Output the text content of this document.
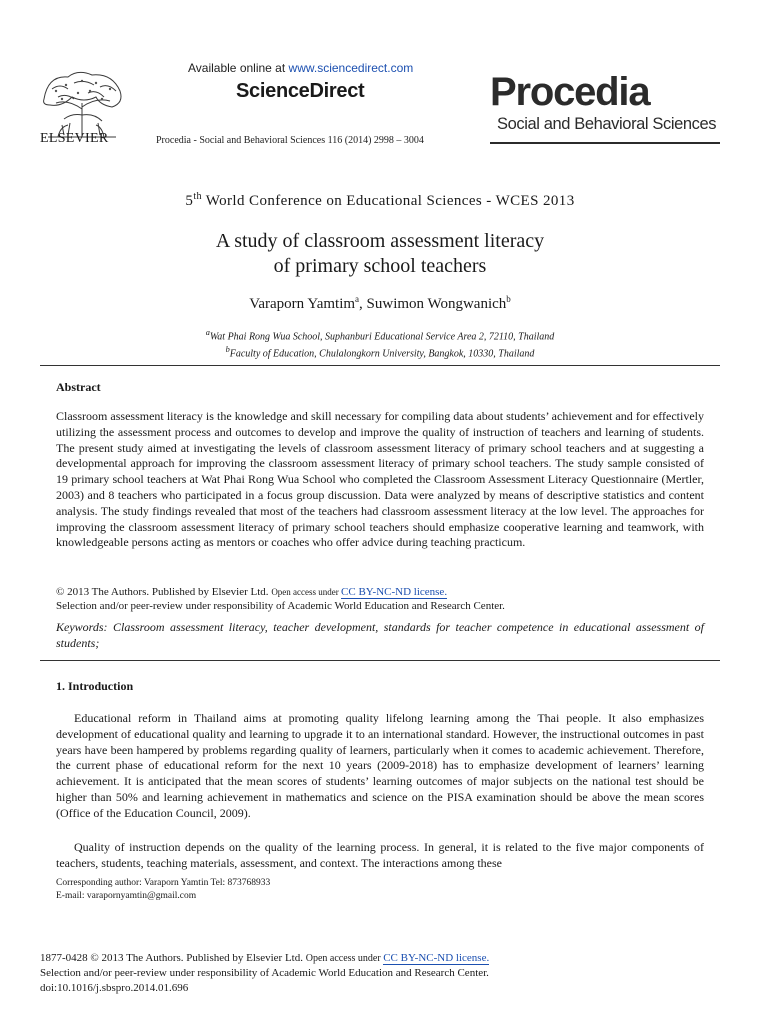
ELSEVIER
Available online at www.sciencedirect.com
ScienceDirect
Procedia - Social and Behavioral Sciences 116 (2014) 2998 – 3004
Procedia
Social and Behavioral Sciences
5th World Conference on Educational Sciences - WCES 2013
A study of classroom assessment literacy
of primary school teachers
Varaporn Yamtim$^a$, Suwimon Wongwanich$^b$
$^a$Wat Phai Rong Wua School, Suphanburi Educational Service Area 2, 72110, Thailand
$^b$Faculty of Education, Chulalongkorn University, Bangkok, 10330, Thailand
Abstract
Classroom assessment literacy is the knowledge and skill necessary for compiling data about students’ achievement and for effectively utilizing the assessment process and outcomes to develop and improve the quality of instruction of teachers and learning of students. The present study aimed at investigating the levels of classroom assessment literacy of primary school teachers and at suggesting a developmental approach for improving the classroom assessment literacy of primary school teachers. The study sample consisted of 19 primary school teachers at Wat Phai Rong Wua School who completed the Classroom Assessment Literacy Questionnaire (Mertler, 2003) and 8 teachers who participated in a focus group discussion. Data were analyzed by means of descriptive statistics and content analysis. The study findings revealed that most of the teachers had classroom assessment literacy at the low level. The approaches for improving the classroom assessment literacy of primary school teachers should emphasize cooperative learning and teamwork, with knowledgeable persons acting as mentors or coaches who offer advice during teaching practicum.
© 2013 The Authors. Published by Elsevier Ltd. Open access under CC BY-NC-ND license.
Selection and/or peer-review under responsibility of Academic World Education and Research Center.
Keywords: Classroom assessment literacy, teacher development, standards for teacher competence in educational assessment of students;
1. Introduction
Educational reform in Thailand aims at promoting quality lifelong learning among the Thai people. It also emphasizes development of educational quality and learning to upgrade it to an international standard. However, the instructional outcomes in past years have been hampered by problems regarding quality of learners, particularly when it comes to academic achievement. Therefore, the current phase of educational reform for the next 10 years (2009-2018) has to emphasize development of learners’ learning achievement. It is anticipated that the mean scores of students’ learning outcomes of major subjects on the national test should be higher than 50% and learning achievement in mathematics and science on the PISA examination should be above the mean scores (Office of the Education Council, 2009).
Quality of instruction depends on the quality of the learning process. In general, it is related to the five major components of teachers, students, teaching materials, assessment, and context. The interactions among these
Corresponding author: Varaporn Yamtin Tel: 873768933
E-mail: varapornyamtin@gmail.com
1877-0428 © 2013 The Authors. Published by Elsevier Ltd. Open access under CC BY-NC-ND license.
Selection and/or peer-review under responsibility of Academic World Education and Research Center.
doi:10.1016/j.sbspro.2014.01.696
